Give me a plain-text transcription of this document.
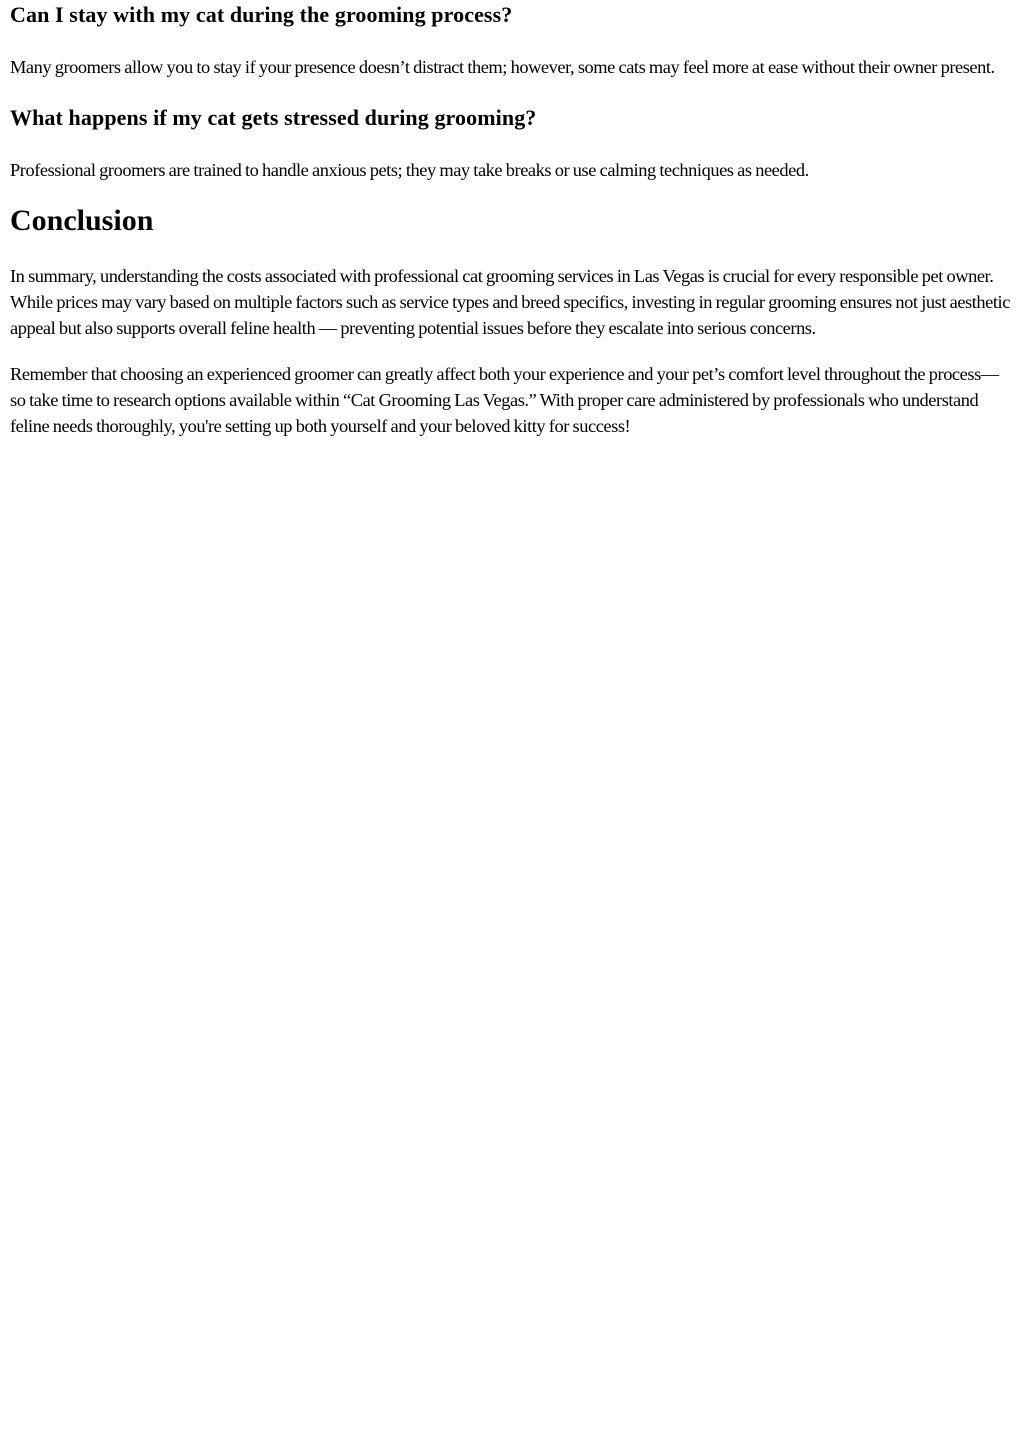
Can I stay with my cat during the grooming process?

Many groomers allow you to stay if your presence doesn’t distract them; however, some cats may feel more at ease without their owner present.

What happens if my cat gets stressed during grooming?

Professional groomers are trained to handle anxious pets; they may take breaks or use calming techniques as needed.

Conclusion

In summary, understanding the costs associated with professional cat grooming services in Las Vegas is crucial for every responsible pet owner. While prices may vary based on multiple factors such as service types and breed specifics, investing in regular grooming ensures not just aesthetic appeal but also supports overall feline health — preventing potential issues before they escalate into serious concerns.

Remember that choosing an experienced groomer can greatly affect both your experience and your pet’s comfort level throughout the process—so take time to research options available within “Cat Grooming Las Vegas.” With proper care administered by professionals who understand feline needs thoroughly, you're setting up both yourself and your beloved kitty for success!
